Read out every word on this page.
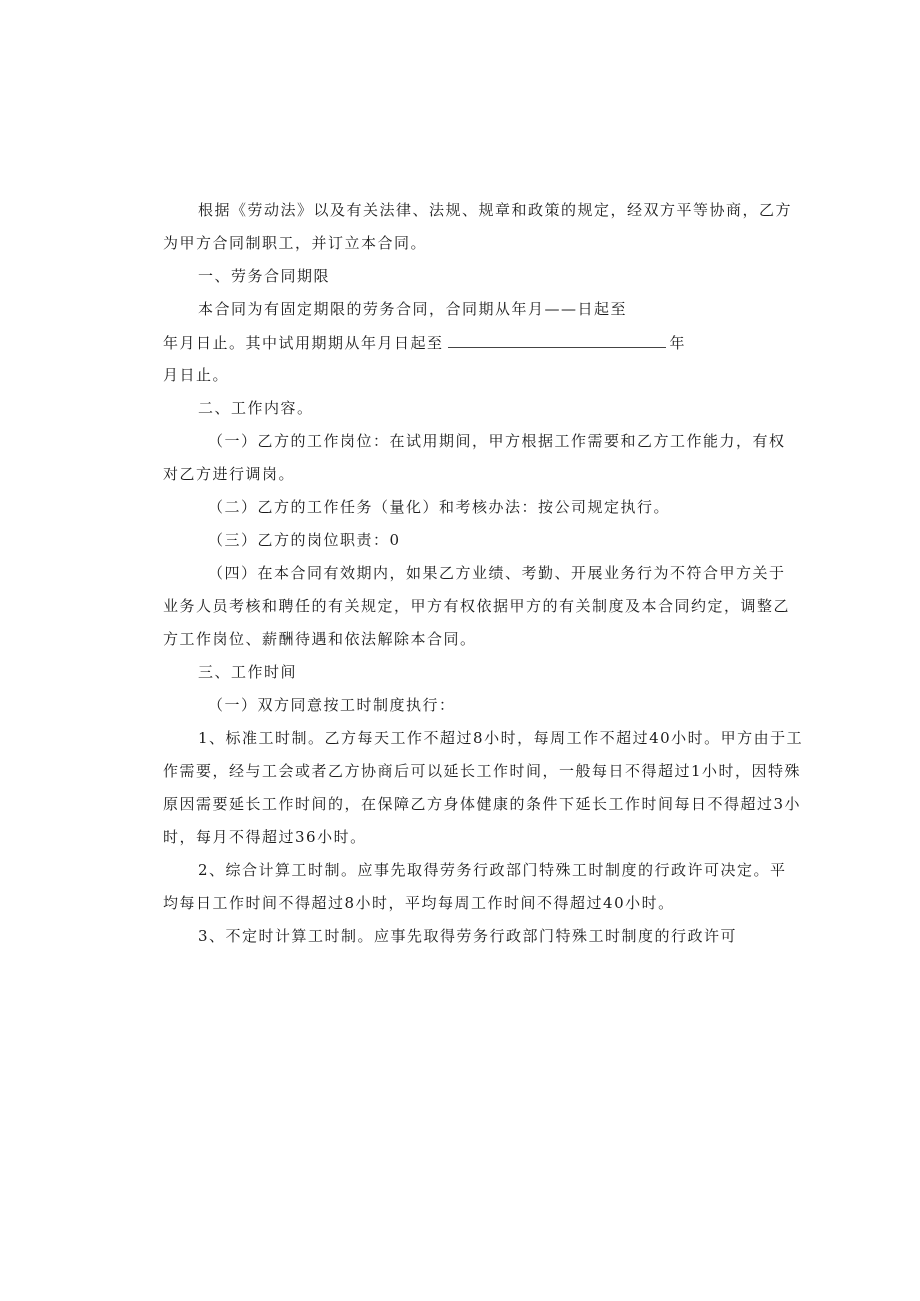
根据《劳动法》以及有关法律、法规、规章和政策的规定，经双方平等协商，乙方
为甲方合同制职工，并订立本合同。
一、劳务合同期限
本合同为有固定期限的劳务合同，合同期从年月——日起至
年月日止。其中试用期期从年月日起至	年
月日止。
二、工作内容。
（一）乙方的工作岗位：在试用期间，甲方根据工作需要和乙方工作能力，有权
对乙方进行调岗。
（二）乙方的工作任务（量化）和考核办法：按公司规定执行。
（三）乙方的岗位职责：0
（四）在本合同有效期内，如果乙方业绩、考勤、开展业务行为不符合甲方关于
业务人员考核和聘任的有关规定，甲方有权依据甲方的有关制度及本合同约定，调整乙
方工作岗位、薪酬待遇和依法解除本合同。
三、工作时间
（一）双方同意按工时制度执行：
1、标准工时制。乙方每天工作不超过8小时，每周工作不超过40小时。甲方由于工
作需要，经与工会或者乙方协商后可以延长工作时间，一般每日不得超过1小时，因特殊
原因需要延长工作时间的，在保障乙方身体健康的条件下延长工作时间每日不得超过3小
时，每月不得超过36小时。
2、综合计算工时制。应事先取得劳务行政部门特殊工时制度的行政许可决定。平
均每日工作时间不得超过8小时，平均每周工作时间不得超过40小时。
3、不定时计算工时制。应事先取得劳务行政部门特殊工时制度的行政许可
